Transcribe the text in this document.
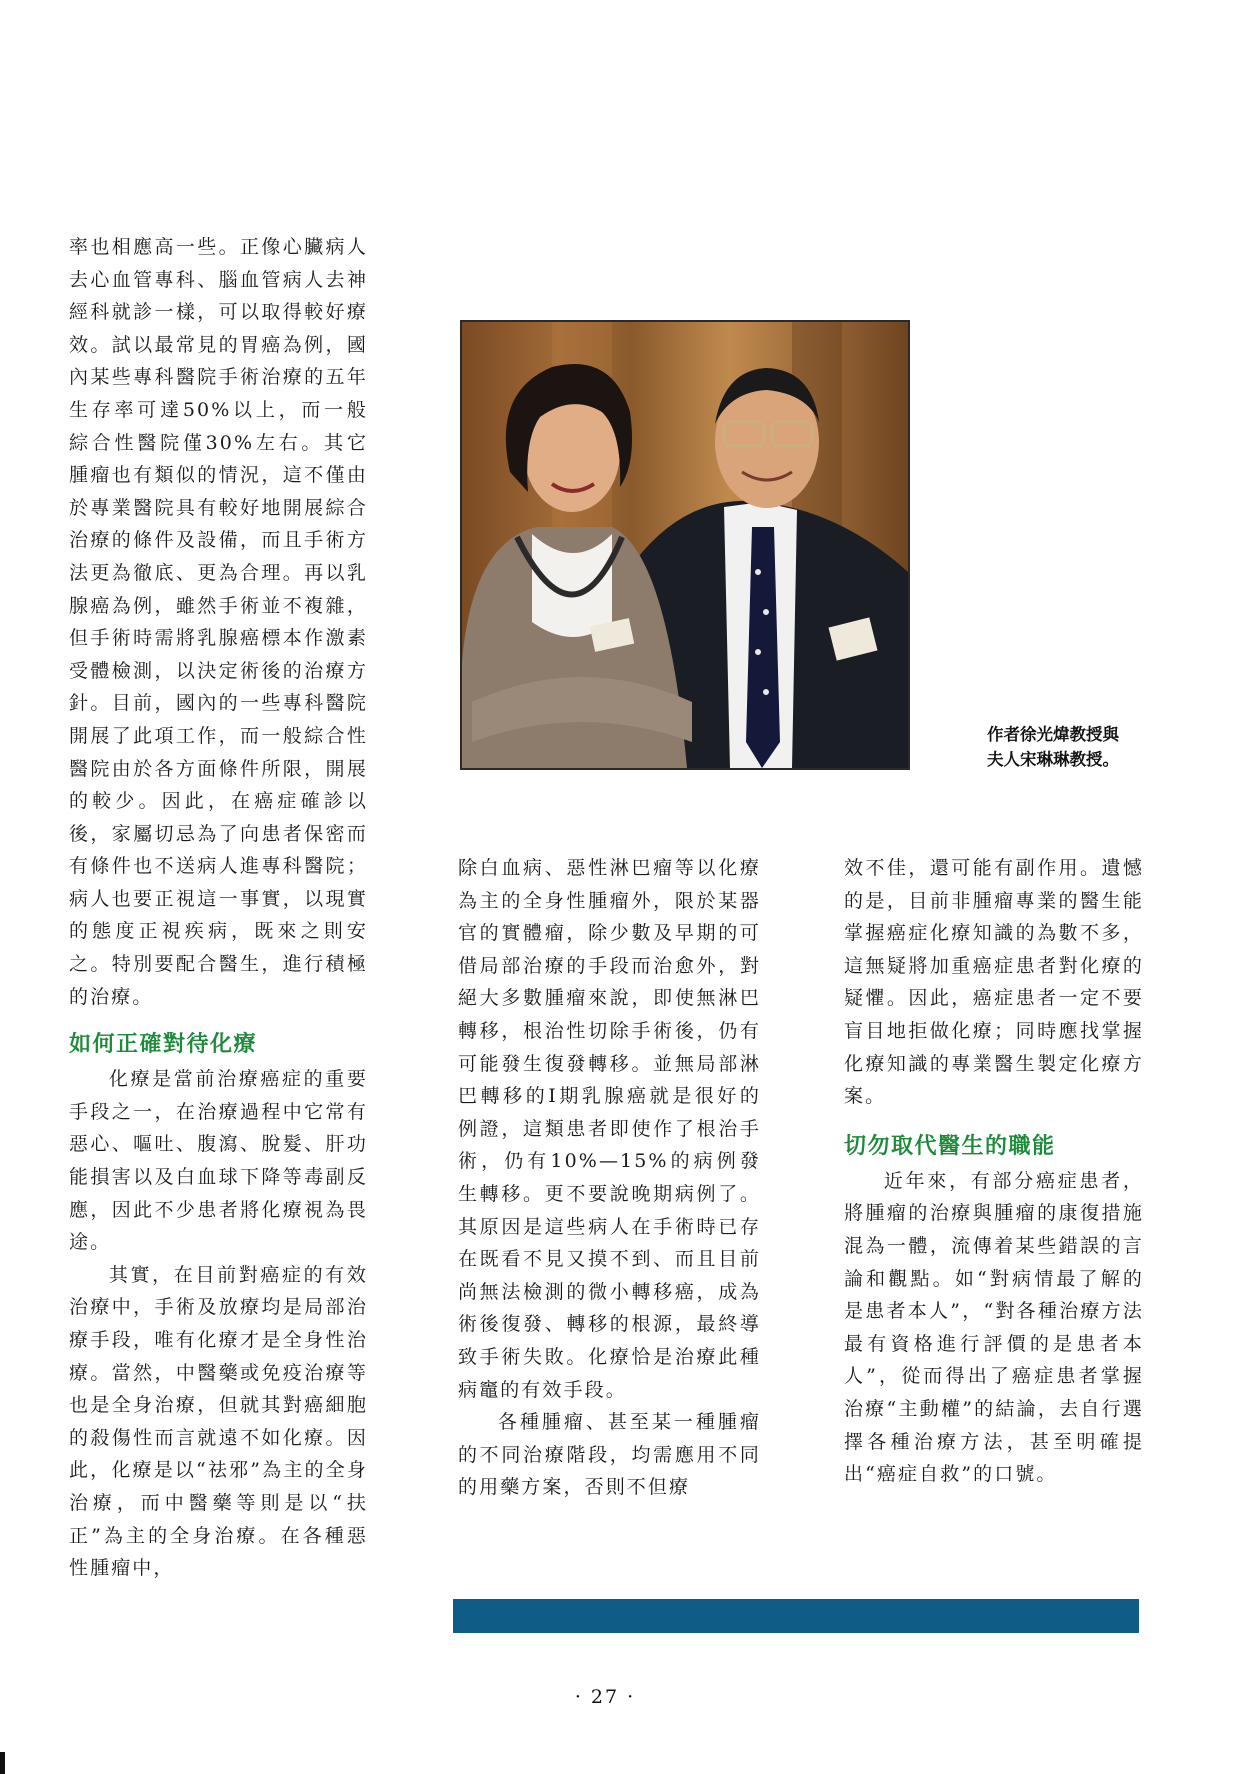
率也相應高一些。正像心臟病人去心血管專科、腦血管病人去神經科就診一樣，可以取得較好療效。試以最常見的胃癌為例，國內某些專科醫院手術治療的五年生存率可達50%以上，而一般綜合性醫院僅30%左右。其它腫瘤也有類似的情況，這不僅由於專業醫院具有較好地開展綜合治療的條件及設備，而且手術方法更為徹底、更為合理。再以乳腺癌為例，雖然手術並不複雜，但手術時需將乳腺癌標本作激素受體檢測，以決定術後的治療方針。目前，國內的一些專科醫院開展了此項工作，而一般綜合性醫院由於各方面條件所限，開展的較少。因此，在癌症確診以後，家屬切忌為了向患者保密而有條件也不送病人進專科醫院；病人也要正視這一事實，以現實的態度正視疾病，既來之則安之。特別要配合醫生，進行積極的治療。

如何正確對待化療

化療是當前治療癌症的重要手段之一，在治療過程中它常有惡心、嘔吐、腹瀉、脫髮、肝功能損害以及白血球下降等毒副反應，因此不少患者將化療視為畏途。

其實，在目前對癌症的有效治療中，手術及放療均是局部治療手段，唯有化療才是全身性治療。當然，中醫藥或免疫治療等也是全身治療，但就其對癌細胞的殺傷性而言就遠不如化療。因此，化療是以“祛邪”為主的全身治療，而中醫藥等則是以“扶正”為主的全身治療。在各種惡性腫瘤中，

作者徐光煒教授與
夫人宋琳琳教授。

除白血病、惡性淋巴瘤等以化療為主的全身性腫瘤外，限於某器官的實體瘤，除少數及早期的可借局部治療的手段而治愈外，對絕大多數腫瘤來說，即使無淋巴轉移，根治性切除手術後，仍有可能發生復發轉移。並無局部淋巴轉移的I期乳腺癌就是很好的例證，這類患者即使作了根治手術，仍有10%—15%的病例發生轉移。更不要說晚期病例了。其原因是這些病人在手術時已存在既看不見又摸不到、而且目前尚無法檢測的微小轉移癌，成為術後復發、轉移的根源，最終導致手術失敗。化療恰是治療此種病竈的有效手段。

各種腫瘤、甚至某一種腫瘤的不同治療階段，均需應用不同的用藥方案，否則不但療

效不佳，還可能有副作用。遺憾的是，目前非腫瘤專業的醫生能掌握癌症化療知識的為數不多，這無疑將加重癌症患者對化療的疑懼。因此，癌症患者一定不要盲目地拒做化療；同時應找掌握化療知識的專業醫生製定化療方案。

切勿取代醫生的職能

近年來，有部分癌症患者，將腫瘤的治療與腫瘤的康復措施混為一體，流傳着某些錯誤的言論和觀點。如“對病情最了解的是患者本人”，“對各種治療方法最有資格進行評價的是患者本人”，從而得出了癌症患者掌握治療“主動權”的結論，去自行選擇各種治療方法，甚至明確提出“癌症自救”的口號。

· 27 ·
